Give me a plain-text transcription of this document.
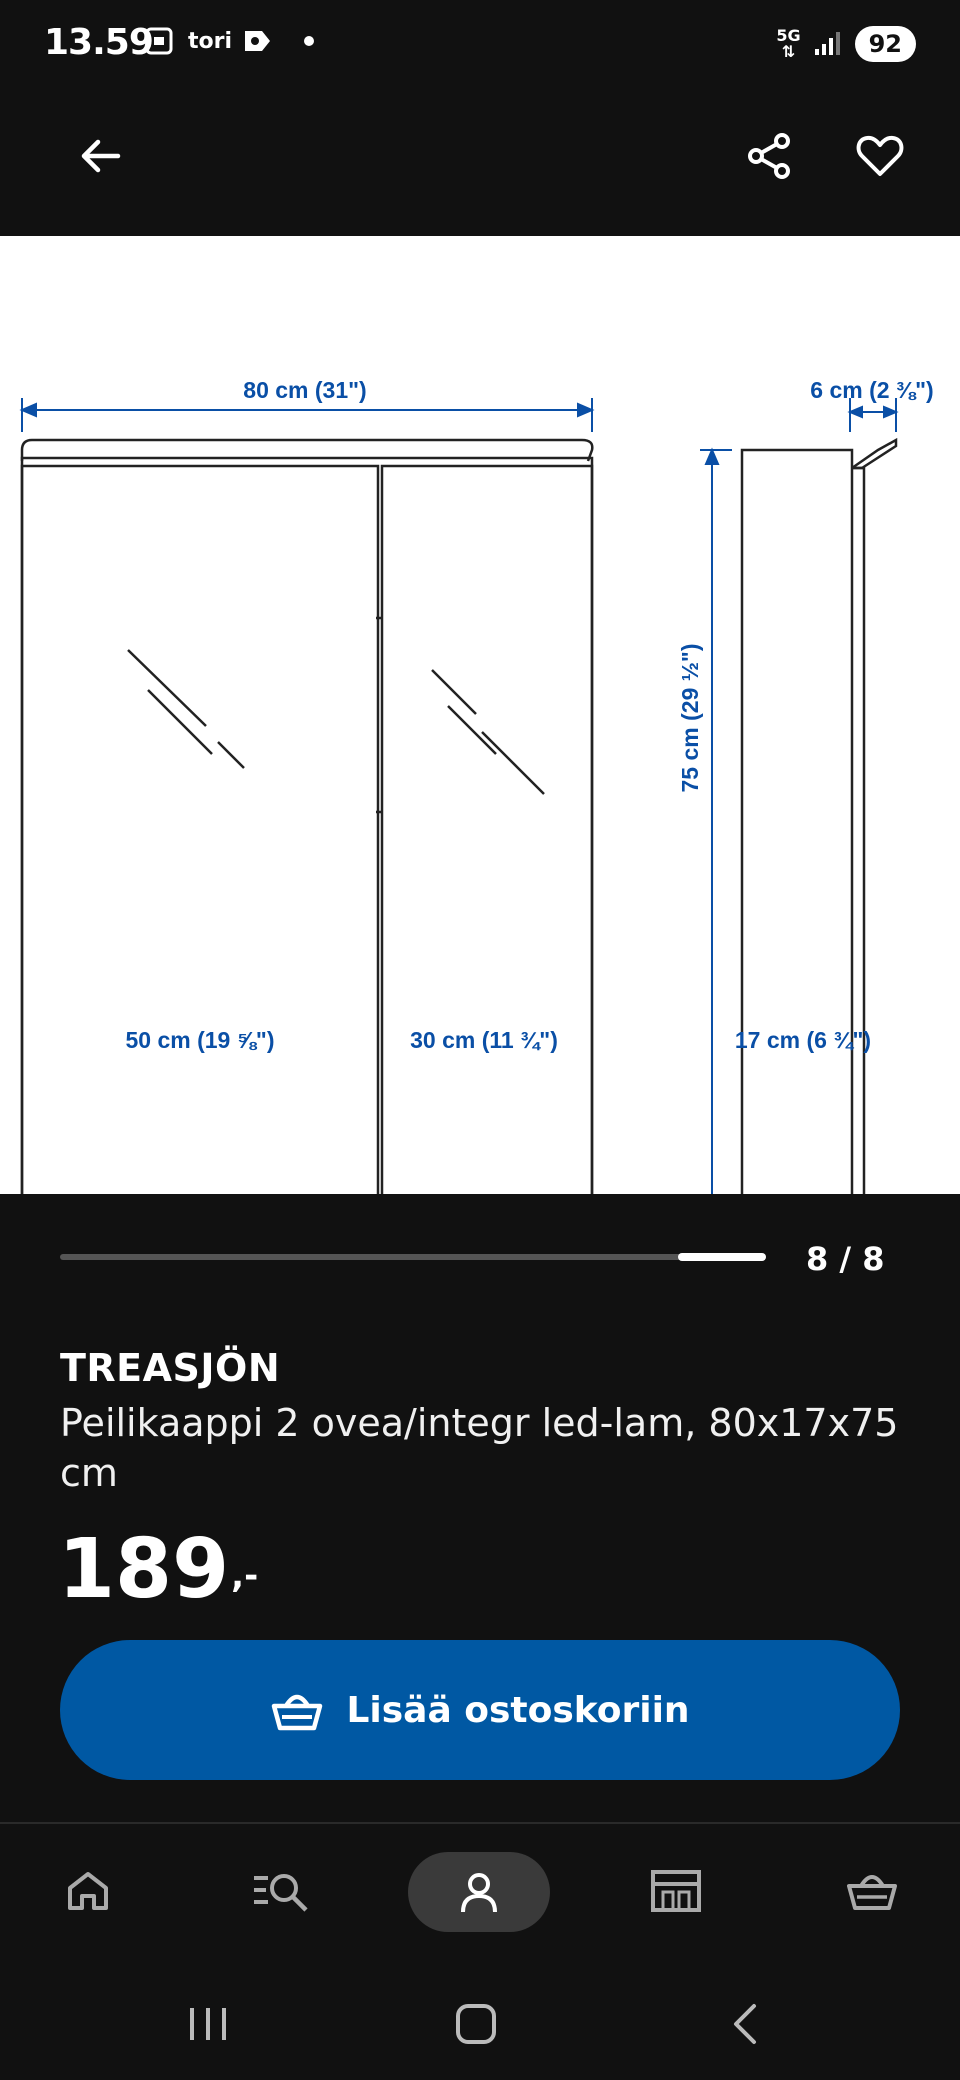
13.59 tori	5G
⇅	92
80 cm (31")
50 cm (19 ⅝")	30 cm (11 ¾")
75 cm (29 ½")
17 cm (6 ¾")
6 cm (2 ⅜")
8 / 8
TREASJÖN
Peilikaappi 2 ovea/integr led-lam, 80x17x75 cm
189,-
Lisää ostoskoriin
